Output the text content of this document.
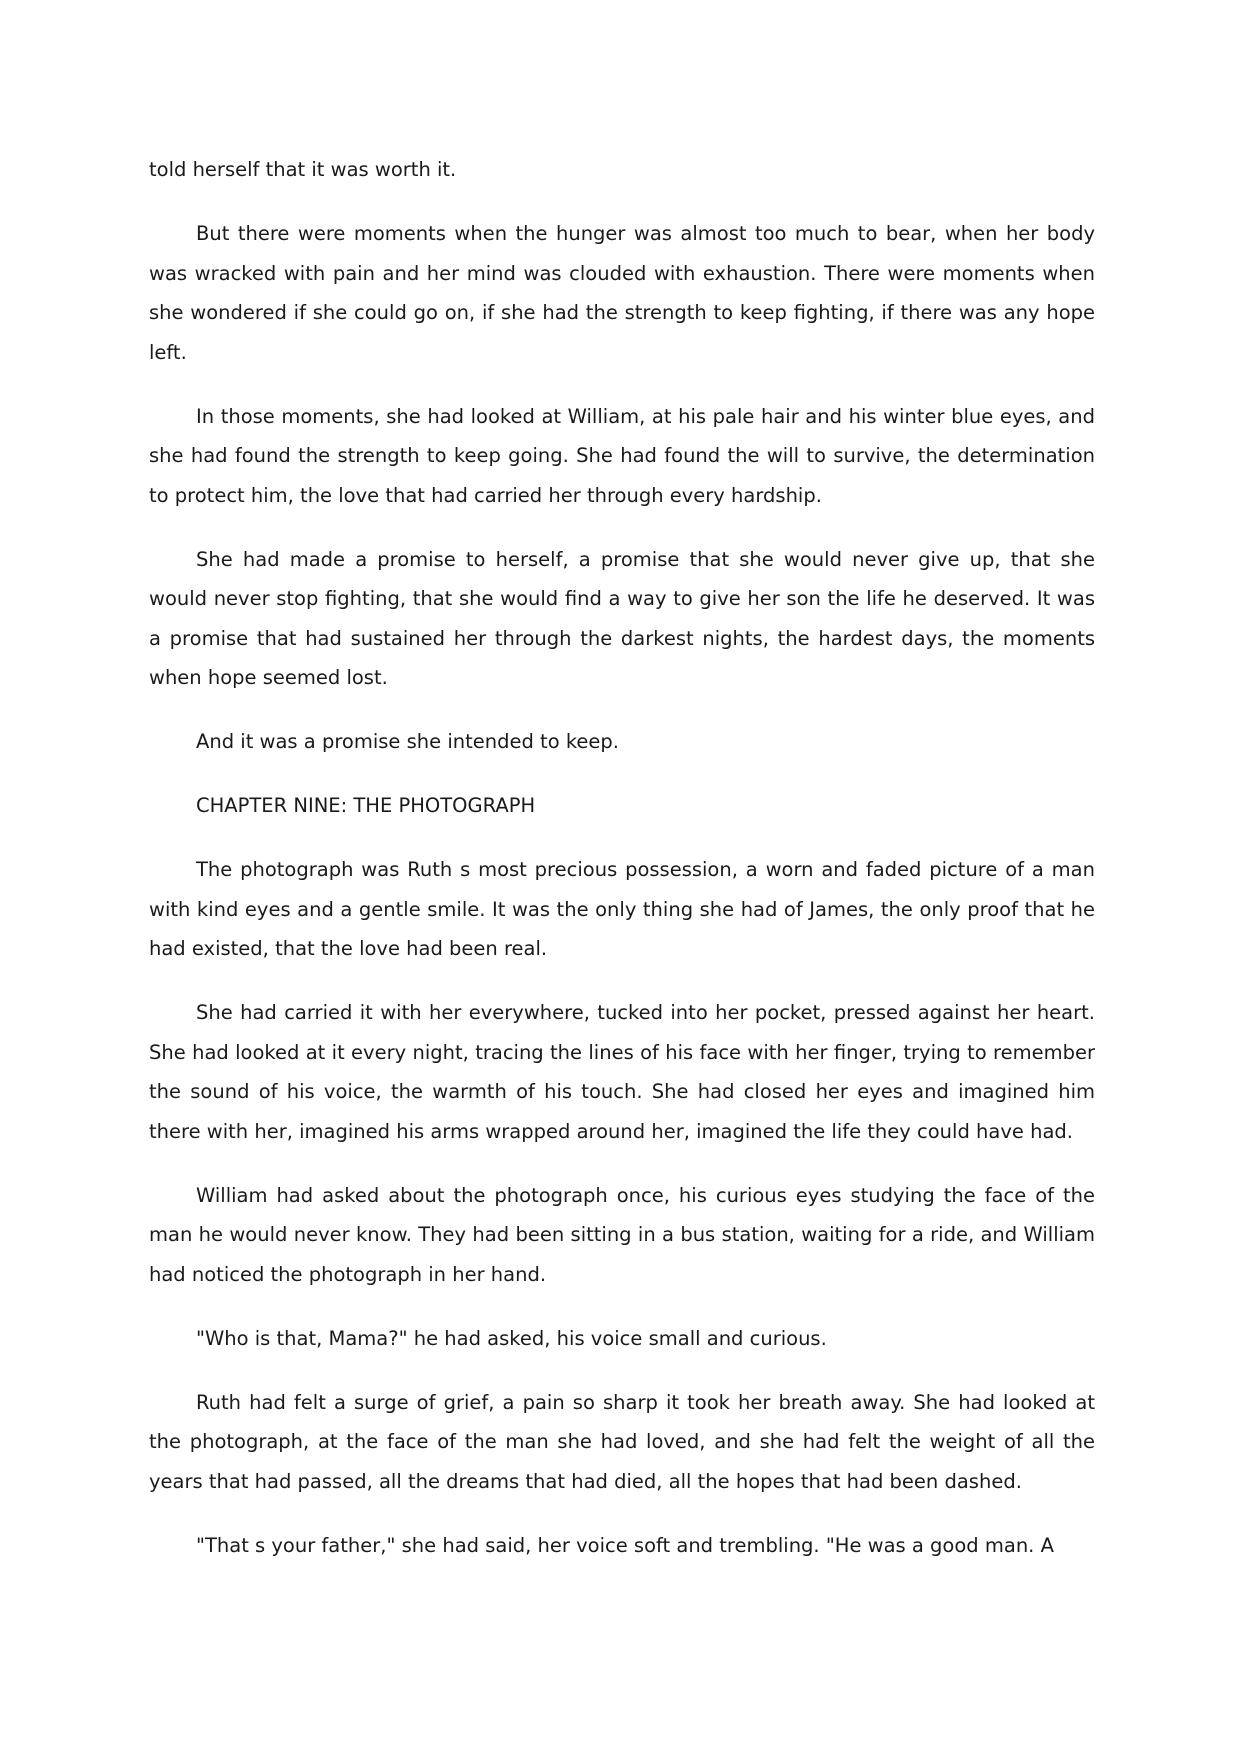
told herself that it was worth it.

But there were moments when the hunger was almost too much to bear, when her body was wracked with pain and her mind was clouded with exhaustion. There were moments when she wondered if she could go on, if she had the strength to keep fighting, if there was any hope left.

In those moments, she had looked at William, at his pale hair and his winter blue eyes, and she had found the strength to keep going. She had found the will to survive, the determination to protect him, the love that had carried her through every hardship.

She had made a promise to herself, a promise that she would never give up, that she would never stop fighting, that she would find a way to give her son the life he deserved. It was a promise that had sustained her through the darkest nights, the hardest days, the moments when hope seemed lost.

And it was a promise she intended to keep.

CHAPTER NINE: THE PHOTOGRAPH

The photograph was Ruth s most precious possession, a worn and faded picture of a man with kind eyes and a gentle smile. It was the only thing she had of James, the only proof that he had existed, that the love had been real.

She had carried it with her everywhere, tucked into her pocket, pressed against her heart. She had looked at it every night, tracing the lines of his face with her finger, trying to remember the sound of his voice, the warmth of his touch. She had closed her eyes and imagined him there with her, imagined his arms wrapped around her, imagined the life they could have had.

William had asked about the photograph once, his curious eyes studying the face of the man he would never know. They had been sitting in a bus station, waiting for a ride, and William had noticed the photograph in her hand.

"Who is that, Mama?" he had asked, his voice small and curious.

Ruth had felt a surge of grief, a pain so sharp it took her breath away. She had looked at the photograph, at the face of the man she had loved, and she had felt the weight of all the years that had passed, all the dreams that had died, all the hopes that had been dashed.

"That s your father," she had said, her voice soft and trembling. "He was a good man. A
